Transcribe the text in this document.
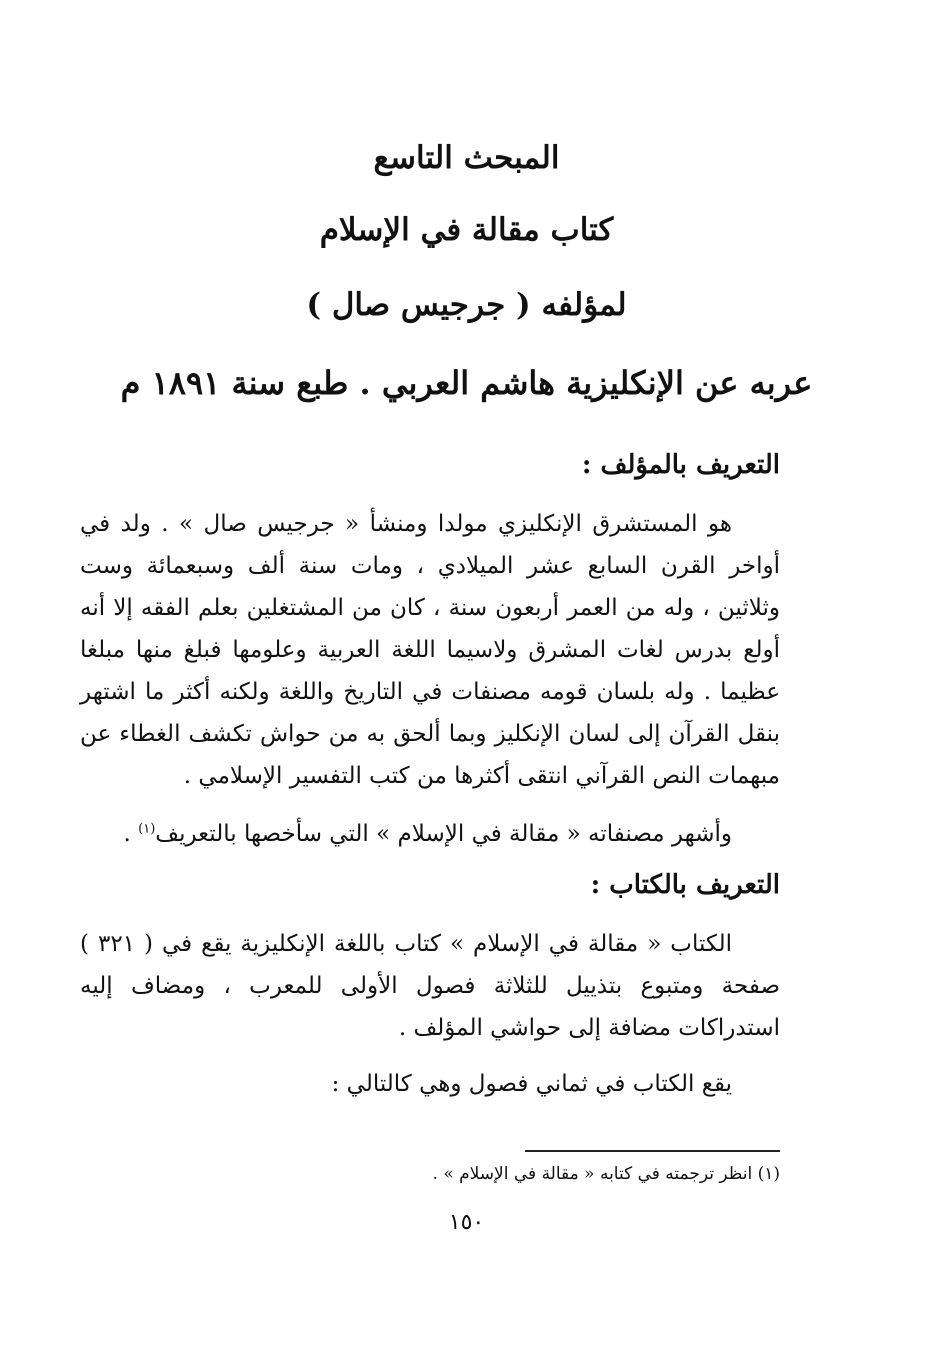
المبحث التاسع
كتاب مقالة في الإسلام
لمؤلفه ( جرجيس صال )
عربه عن الإنكليزية هاشم العربي . طبع سنة ١٨٩١ م
التعريف بالمؤلف :
هو المستشرق الإنكليزي مولدا ومنشأ « جرجيس صال » . ولد في أواخر القرن السابع عشر الميلادي ، ومات سنة ألف وسبعمائة وست وثلاثين ، وله من العمر أربعون سنة ، كان من المشتغلين بعلم الفقه إلا أنه أولع بدرس لغات المشرق ولاسيما اللغة العربية وعلومها فبلغ منها مبلغا عظيما . وله بلسان قومه مصنفات في التاريخ واللغة ولكنه أكثر ما اشتهر بنقل القرآن إلى لسان الإنكليز وبما ألحق به من حواش تكشف الغطاء عن مبهمات النص القرآني انتقى أكثرها من كتب التفسير الإسلامي .
وأشهر مصنفاته « مقالة في الإسلام » التي سأخصها بالتعريف$^{(١)}$ .
التعريف بالكتاب :
الكتاب « مقالة في الإسلام » كتاب باللغة الإنكليزية يقع في ( ٣٢١ ) صفحة ومتبوع بتذييل للثلاثة فصول الأولى للمعرب ، ومضاف إليه استدراكات مضافة إلى حواشي المؤلف .
يقع الكتاب في ثماني فصول وهي كالتالي :
(١) انظر ترجمته في كتابه « مقالة في الإسلام » .
١٥٠
